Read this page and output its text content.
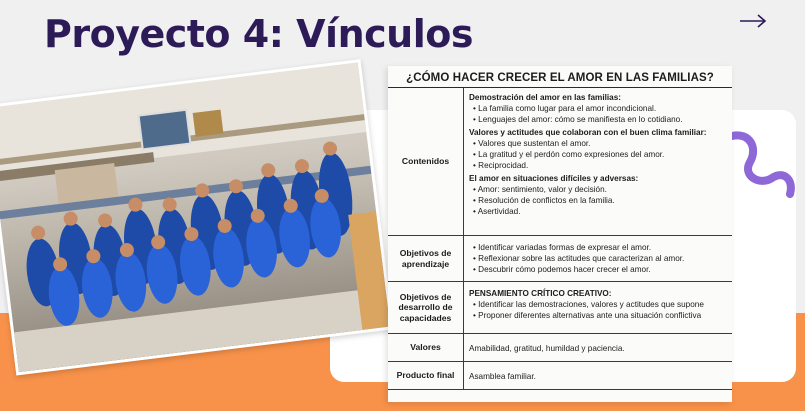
Proyecto 4: Vínculos
¿CÓMO HACER CRECER EL AMOR EN LAS FAMILIAS?
Contenidos
Demostración del amor en las familias:
• La familia como lugar para el amor incondicional.
• Lenguajes del amor: cómo se manifiesta en lo cotidiano.
Valores y actitudes que colaboran con el buen clima familiar:
• Valores que sustentan el amor.
• La gratitud y el perdón como expresiones del amor.
• Reciprocidad.
El amor en situaciones difíciles y adversas:
• Amor: sentimiento, valor y decisión.
• Resolución de conflictos en la familia.
• Asertividad.
Objetivos de aprendizaje
• Identificar variadas formas de expresar el amor.
• Reflexionar sobre las actitudes que caracterizan al amor.
• Descubrir cómo podemos hacer crecer el amor.
Objetivos de desarrollo de capacidades
PENSAMIENTO CRÍTICO CREATIVO:
• Identificar las demostraciones, valores y actitudes que supone
• Proponer diferentes alternativas ante una situación conflictiva
Valores	Amabilidad, gratitud, humildad y paciencia.
Producto final	Asamblea familiar.
